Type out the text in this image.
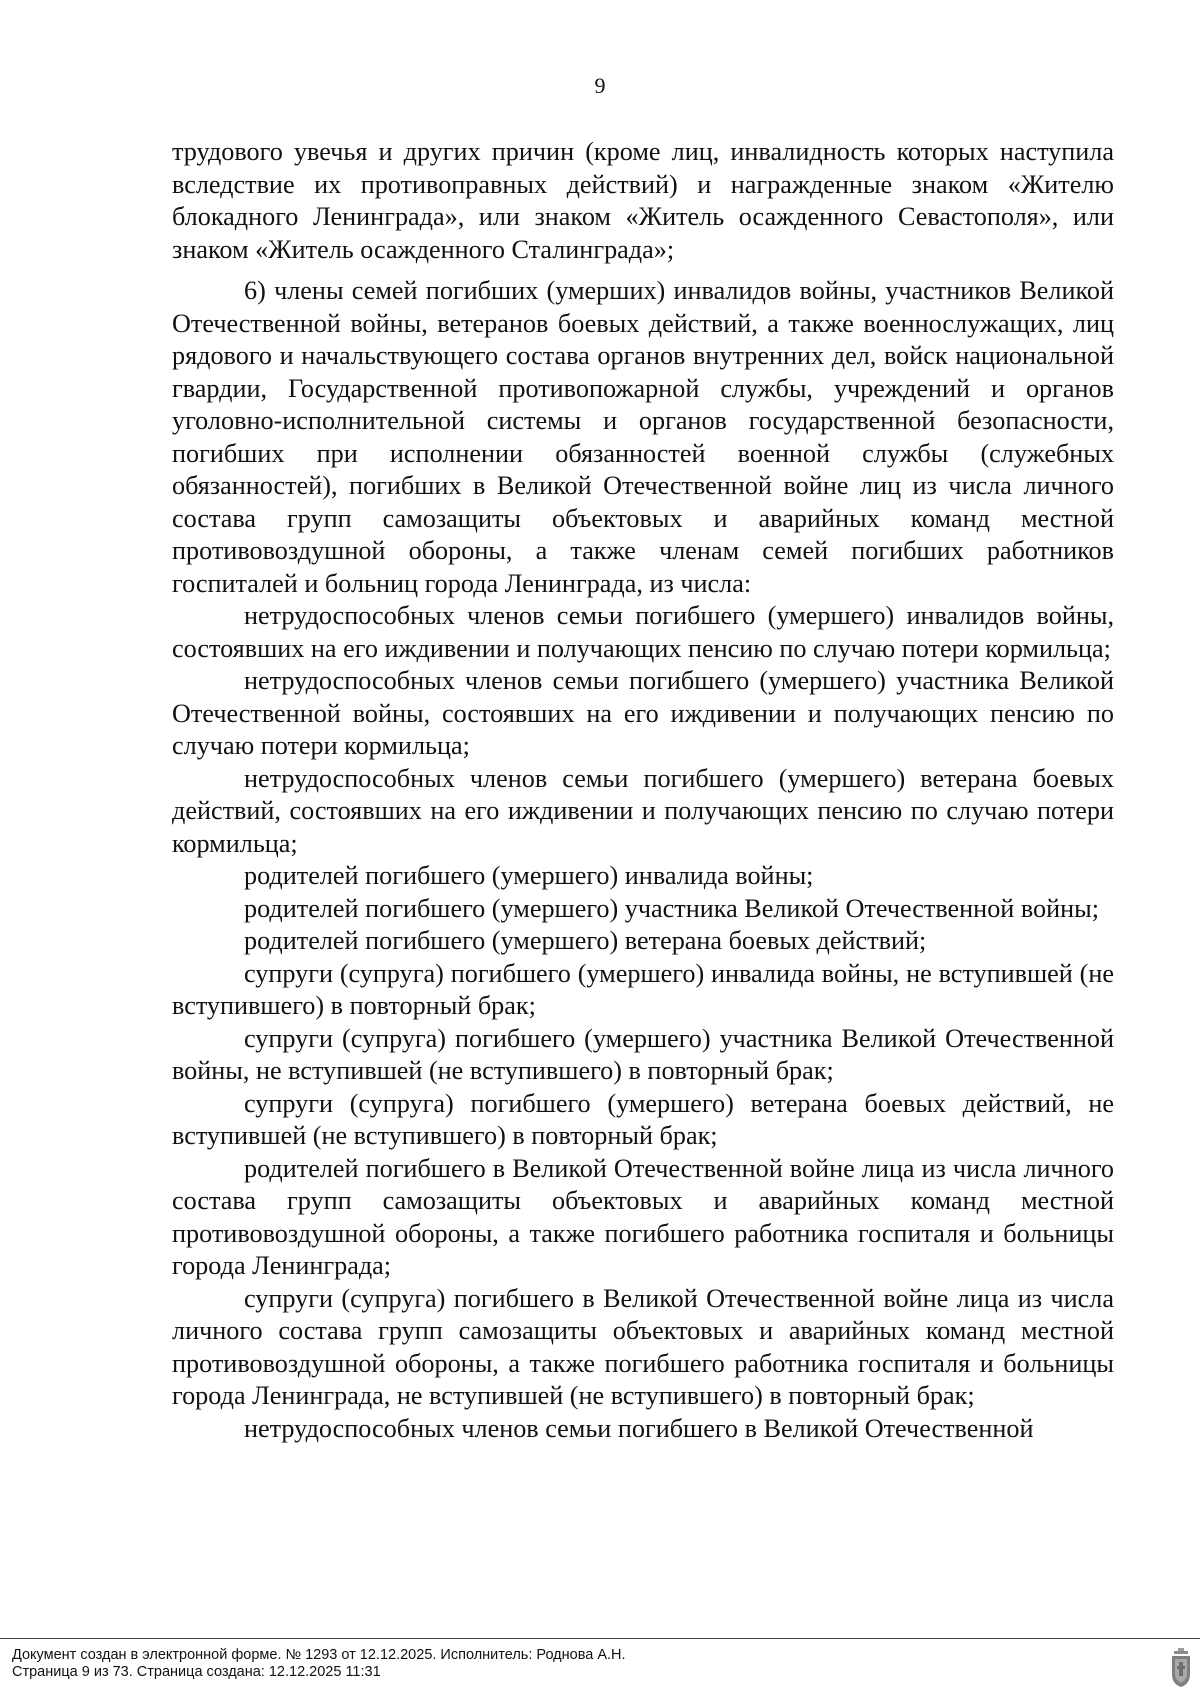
9

трудового увечья и других причин (кроме лиц, инвалидность которых наступила вследствие их противоправных действий) и награжденные знаком «Жителю блокадного Ленинграда», или знаком «Житель осажденного Севастополя», или знаком «Житель осажденного Сталинграда»;

6) члены семей погибших (умерших) инвалидов войны, участников Великой Отечественной войны, ветеранов боевых действий, а также военнослужащих, лиц рядового и начальствующего состава органов внутренних дел, войск национальной гвардии, Государственной противопожарной службы, учреждений и органов уголовно-исполнительной системы и органов государственной безопасности, погибших при исполнении обязанностей военной службы (служебных обязанностей), погибших в Великой Отечественной войне лиц из числа личного состава групп самозащиты объектовых и аварийных команд местной противовоздушной обороны, а также членам семей погибших работников госпиталей и больниц города Ленинграда, из числа:

нетрудоспособных членов семьи погибшего (умершего) инвалидов войны, состоявших на его иждивении и получающих пенсию по случаю потери кормильца;

нетрудоспособных членов семьи погибшего (умершего) участника Великой Отечественной войны, состоявших на его иждивении и получающих пенсию по случаю потери кормильца;

нетрудоспособных членов семьи погибшего (умершего) ветерана боевых действий, состоявших на его иждивении и получающих пенсию по случаю потери кормильца;

родителей погибшего (умершего) инвалида войны;

родителей погибшего (умершего) участника Великой Отечественной войны;

родителей погибшего (умершего) ветерана боевых действий;

супруги (супруга) погибшего (умершего) инвалида войны, не вступившей (не вступившего) в повторный брак;

супруги (супруга) погибшего (умершего) участника Великой Отечественной войны, не вступившей (не вступившего) в повторный брак;

супруги (супруга) погибшего (умершего) ветерана боевых действий, не вступившей (не вступившего) в повторный брак;

родителей погибшего в Великой Отечественной войне лица из числа личного состава групп самозащиты объектовых и аварийных команд местной противовоздушной обороны, а также погибшего работника госпиталя и больницы города Ленинграда;

супруги (супруга) погибшего в Великой Отечественной войне лица из числа личного состава групп самозащиты объектовых и аварийных команд местной противовоздушной обороны, а также погибшего работника госпиталя и больницы города Ленинграда, не вступившей (не вступившего) в повторный брак;

нетрудоспособных членов семьи погибшего в Великой Отечественной

Документ создан в электронной форме. № 1293 от 12.12.2025. Исполнитель: Роднова А.Н.
Страница 9 из 73. Страница создана: 12.12.2025 11:31
